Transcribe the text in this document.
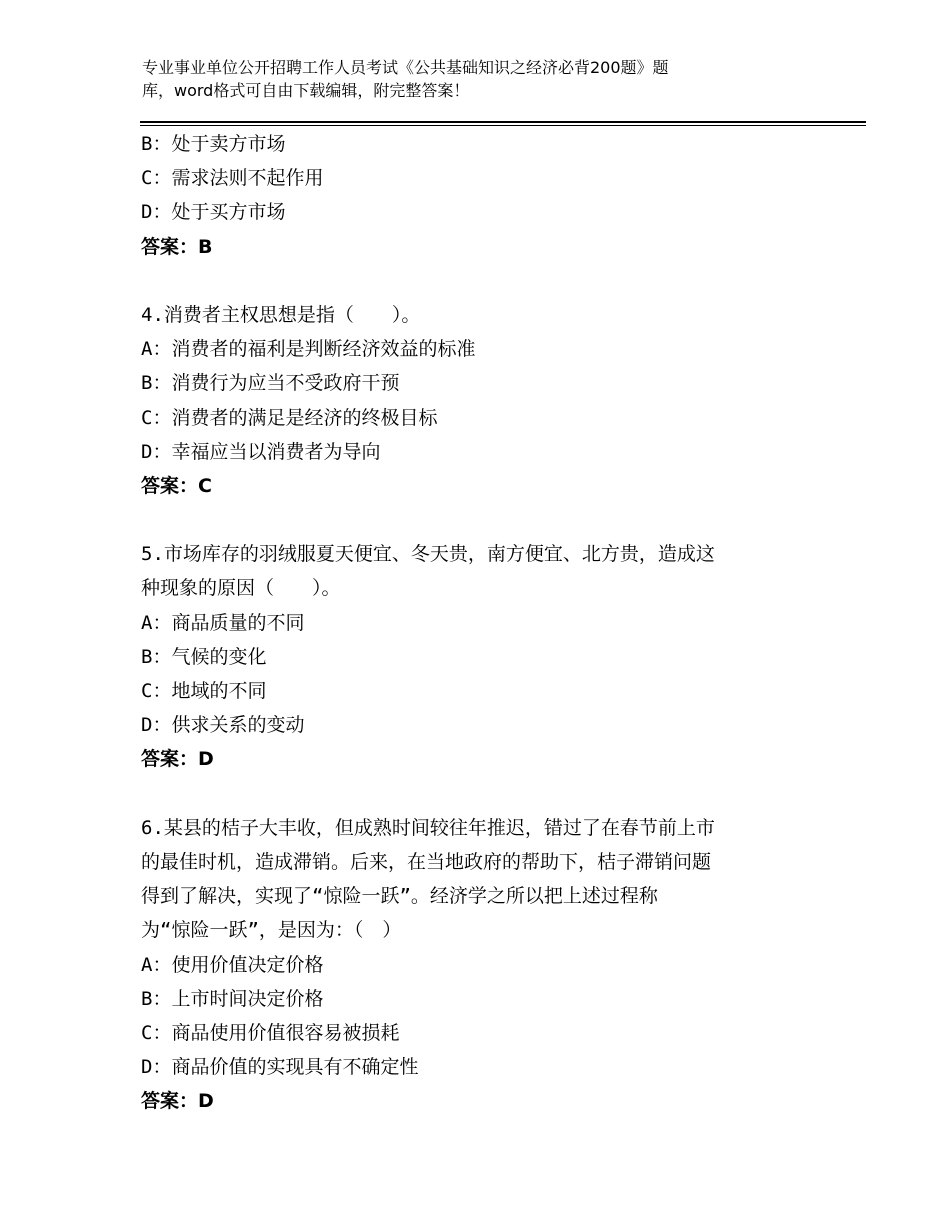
专业事业单位公开招聘工作人员考试《公共基础知识之经济必背200题》题
库，word格式可自由下载编辑，附完整答案！
B：处于卖方市场
C：需求法则不起作用
D：处于买方市场
答案：B
4.消费者主权思想是指（　　）。
A：消费者的福利是判断经济效益的标准
B：消费行为应当不受政府干预
C：消费者的满足是经济的终极目标
D：幸福应当以消费者为导向
答案：C
5.市场库存的羽绒服夏天便宜、冬天贵，南方便宜、北方贵，造成这
种现象的原因（　　）。
A：商品质量的不同
B：气候的变化
C：地域的不同
D：供求关系的变动
答案：D
6.某县的桔子大丰收，但成熟时间较往年推迟，错过了在春节前上市
的最佳时机，造成滞销。后来，在当地政府的帮助下，桔子滞销问题
得到了解决，实现了“惊险一跃”。经济学之所以把上述过程称
为“惊险一跃”，是因为：（　）
A：使用价值决定价格
B：上市时间决定价格
C：商品使用价值很容易被损耗
D：商品价值的实现具有不确定性
答案：D
